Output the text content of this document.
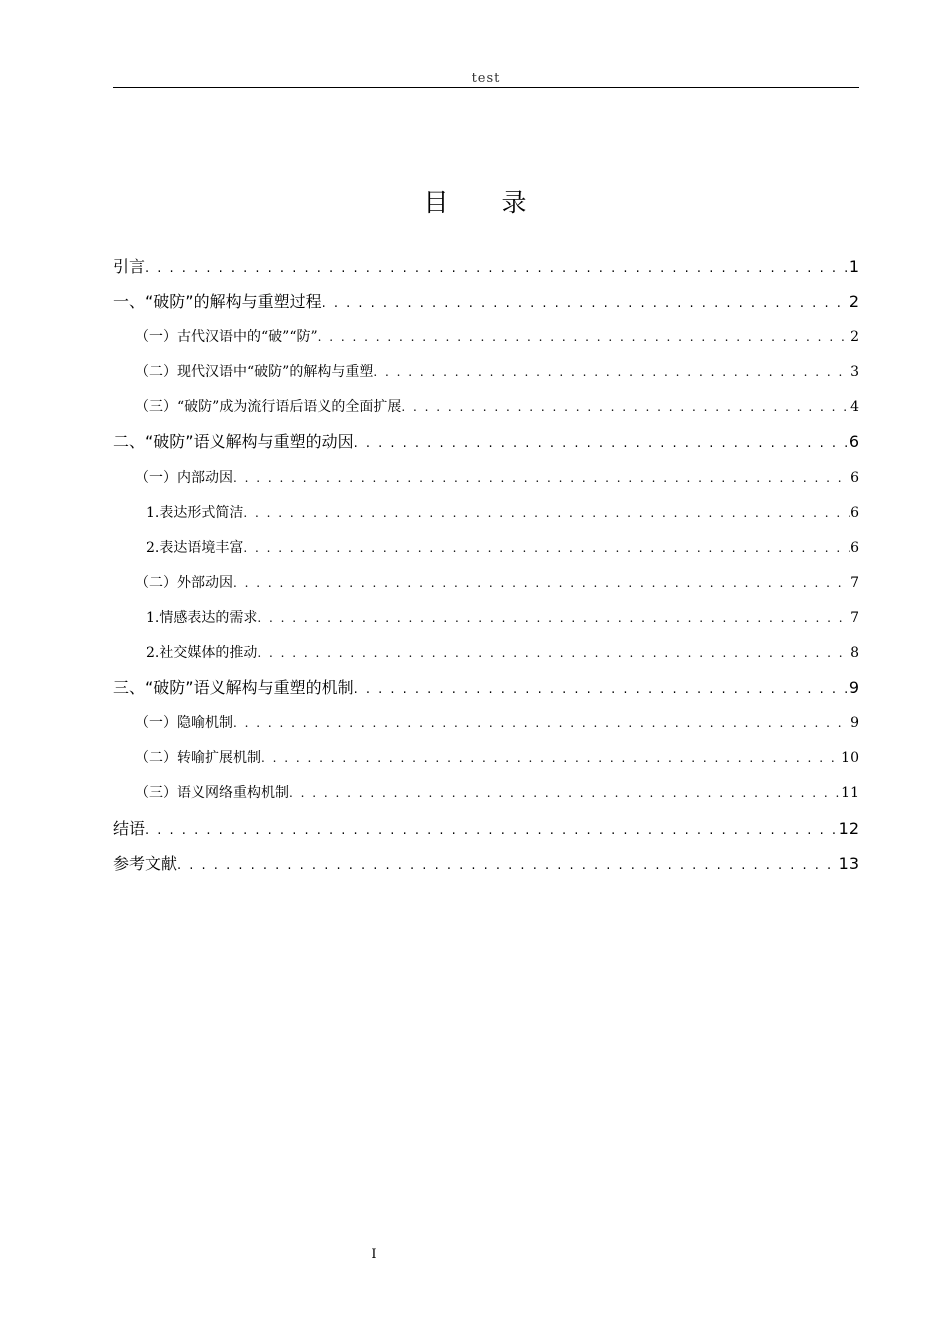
test
目　录
引言 . . .	1
一、“破防”的解构与重塑过程 . . .	2
（一）古代汉语中的“破”“防” . . .	2
（二）现代汉语中“破防”的解构与重塑 . . .	3
（三）“破防”成为流行语后语义的全面扩展 . . .	4
二、“破防”语义解构与重塑的动因 . . .	6
（一）内部动因 . . .	6
1.表达形式简洁 . . .	6
2.表达语境丰富 . . .	6
（二）外部动因 . . .	7
1.情感表达的需求 . . .	7
2.社交媒体的推动 . . .	8
三、“破防”语义解构与重塑的机制 . . .	9
（一）隐喻机制 . . .	9
（二）转喻扩展机制 . . .	10
（三）语义网络重构机制 . . .	11
结语 . . .	12
参考文献 . . .	13
I
